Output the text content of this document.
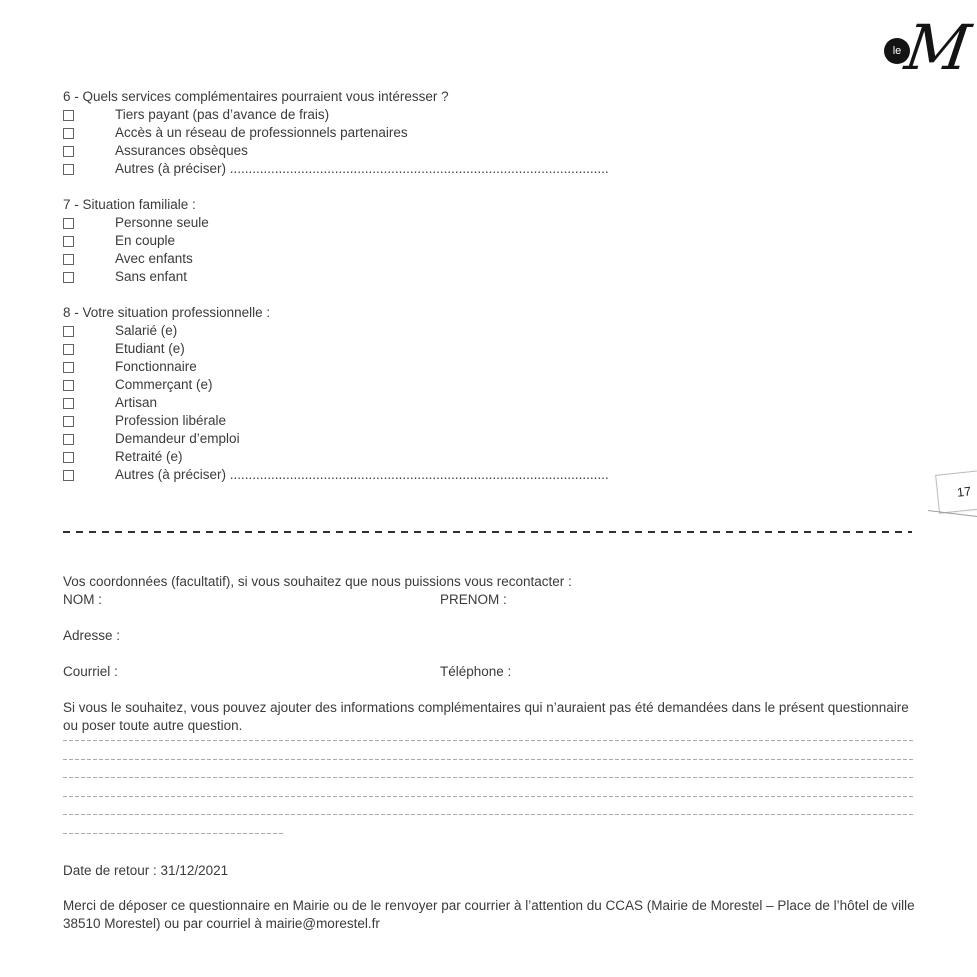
le M
6 - Quels services complémentaires pourraient vous intéresser ?
Tiers payant (pas d’avance de frais)
Accès à un réseau de professionnels partenaires
Assurances obsèques
Autres (à préciser) .....................................................................................................
7 - Situation familiale :
Personne seule
En couple
Avec enfants
Sans enfant
8 - Votre situation professionnelle :
Salarié (e)
Etudiant (e)
Fonctionnaire
Commerçant (e)
Artisan
Profession libérale
Demandeur d’emploi
Retraité (e)
Autres (à préciser) .....................................................................................................
Vos coordonnées (facultatif), si vous souhaitez que nous puissions vous recontacter :
NOM :	PRENOM :
Adresse :
Courriel :	Téléphone :
Si vous le souhaitez, vous pouvez ajouter des informations complémentaires qui n’auraient pas été demandées dans le présent questionnaire ou poser toute autre question.
Date de retour : 31/12/2021
Merci de déposer ce questionnaire en Mairie ou de le renvoyer par courrier à l’attention du CCAS (Mairie de Morestel – Place de l’hôtel de ville 38510 Morestel) ou par courriel à mairie@morestel.fr
17
